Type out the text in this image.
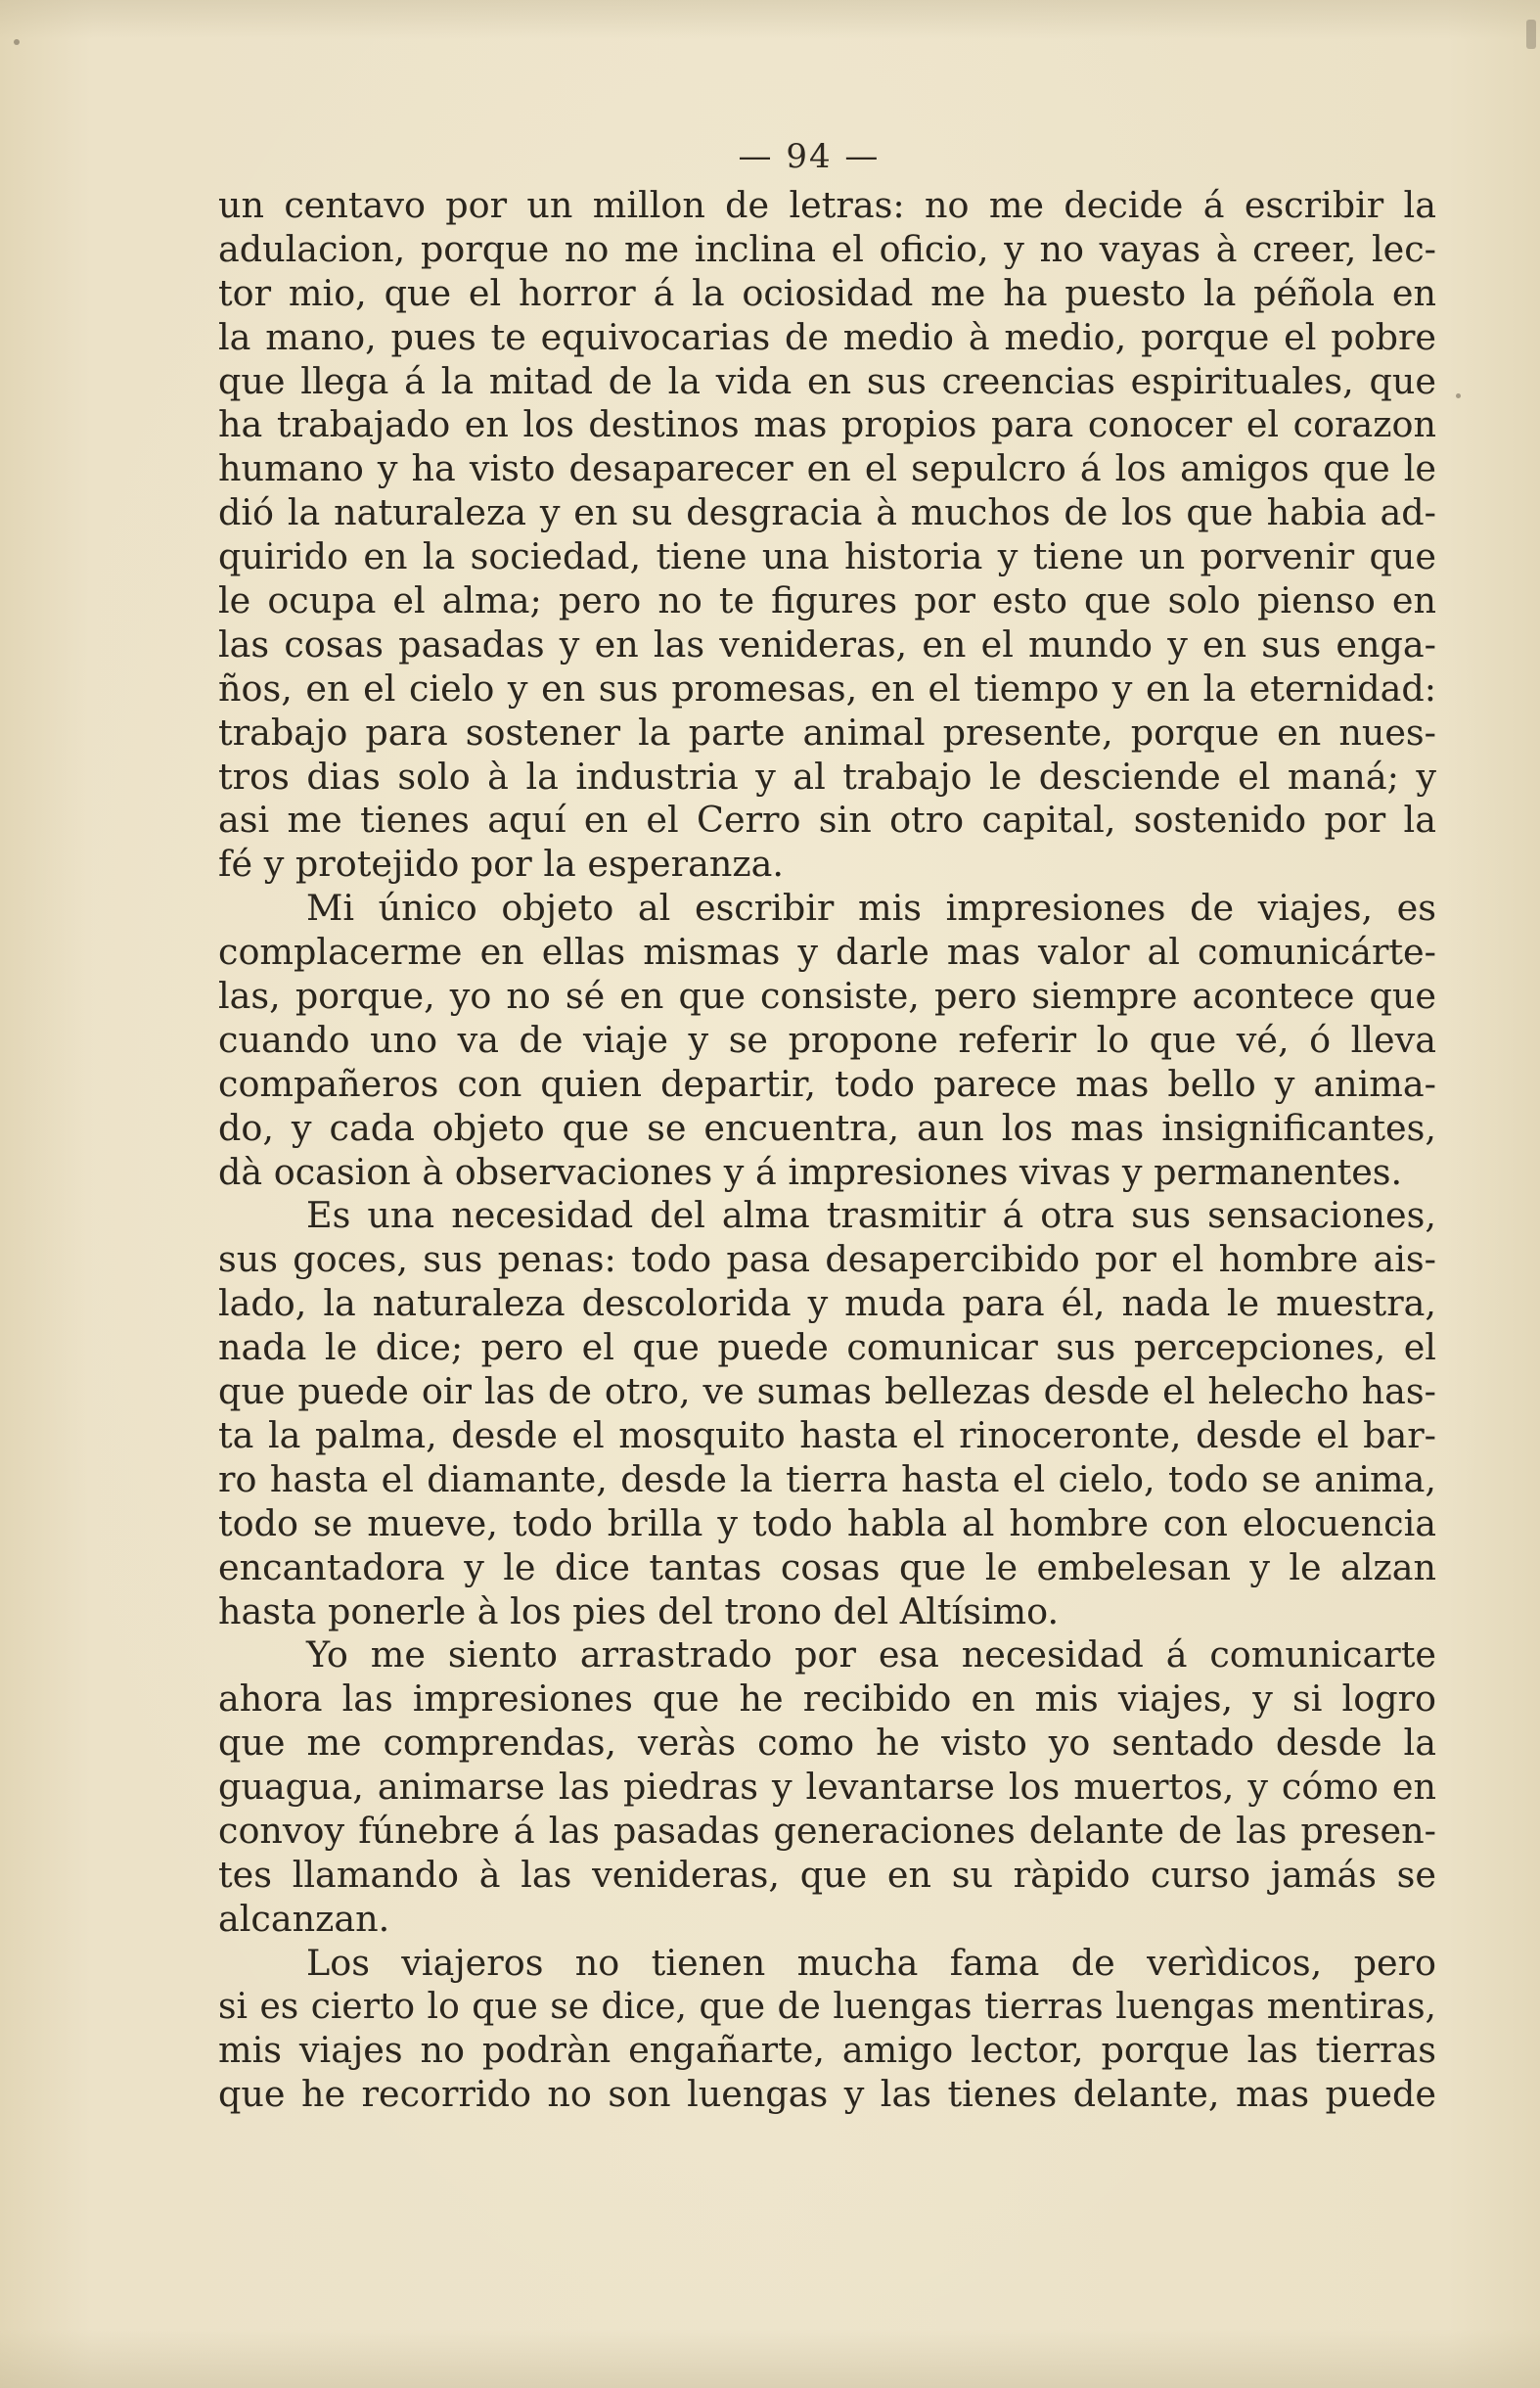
— 94 —
un centavo por un millon de letras: no me decide á escribir la
adulacion, porque no me inclina el oficio, y no vayas à creer, lec-
tor mio, que el horror á la ociosidad me ha puesto la péñola en
la mano, pues te equivocarias de medio à medio, porque el pobre
que llega á la mitad de la vida en sus creencias espirituales, que
ha trabajado en los destinos mas propios para conocer el corazon
humano y ha visto desaparecer en el sepulcro á los amigos que le
dió la naturaleza y en su desgracia à muchos de los que habia ad-
quirido en la sociedad, tiene una historia y tiene un porvenir que
le ocupa el alma; pero no te figures por esto que solo pienso en
las cosas pasadas y en las venideras, en el mundo y en sus enga-
ños, en el cielo y en sus promesas, en el tiempo y en la eternidad:
trabajo para sostener la parte animal presente, porque en nues-
tros dias solo à la industria y al trabajo le desciende el maná; y
asi me tienes aquí en el Cerro sin otro capital, sostenido por la
fé y protejido por la esperanza.
Mi único objeto al escribir mis impresiones de viajes, es
complacerme en ellas mismas y darle mas valor al comunicárte-
las, porque, yo no sé en que consiste, pero siempre acontece que
cuando uno va de viaje y se propone referir lo que vé, ó lleva
compañeros con quien departir, todo parece mas bello y anima-
do, y cada objeto que se encuentra, aun los mas insignificantes,
dà ocasion à observaciones y á impresiones vivas y permanentes.
Es una necesidad del alma trasmitir á otra sus sensaciones,
sus goces, sus penas: todo pasa desapercibido por el hombre ais-
lado, la naturaleza descolorida y muda para él, nada le muestra,
nada le dice; pero el que puede comunicar sus percepciones, el
que puede oir las de otro, ve sumas bellezas desde el helecho has-
ta la palma, desde el mosquito hasta el rinoceronte, desde el bar-
ro hasta el diamante, desde la tierra hasta el cielo, todo se anima,
todo se mueve, todo brilla y todo habla al hombre con elocuencia
encantadora y le dice tantas cosas que le embelesan y le alzan
hasta ponerle à los pies del trono del Altísimo.
Yo me siento arrastrado por esa necesidad á comunicarte
ahora las impresiones que he recibido en mis viajes, y si logro
que me comprendas, veràs como he visto yo sentado desde la
guagua, animarse las piedras y levantarse los muertos, y cómo en
convoy fúnebre á las pasadas generaciones delante de las presen-
tes llamando à las venideras, que en su ràpido curso jamás se
alcanzan.
Los viajeros no tienen mucha fama de verìdicos, pero
si es cierto lo que se dice, que de luengas tierras luengas mentiras,
mis viajes no podràn engañarte, amigo lector, porque las tierras
que he recorrido no son luengas y las tienes delante, mas puede
